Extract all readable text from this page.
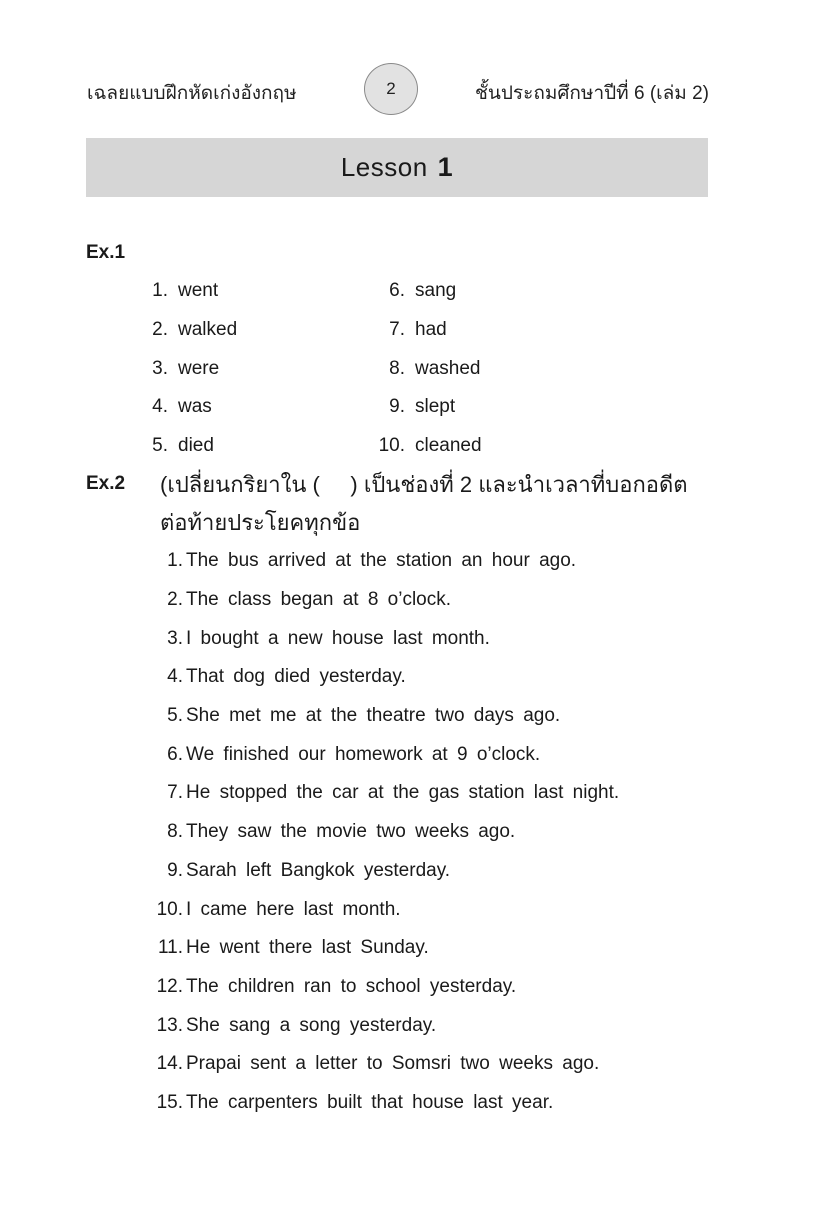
เฉลยแบบฝึกหัดเก่งอังกฤษ	2	ชั้นประถมศึกษาปีที่ 6 (เล่ม 2)
Lesson 1
Ex.1
1. went
2. walked
3. were
4. was
5. died
6. sang
7. had
8. washed
9. slept
10. cleaned
Ex.2 (เปลี่ยนกริยาใน (     ) เป็นช่องที่ 2 และนำเวลาที่บอกอดีต
ต่อท้ายประโยคทุกข้อ
1. The bus arrived at the station an hour ago.
2. The class began at 8 o’clock.
3. I bought a new house last month.
4. That dog died yesterday.
5. She met me at the theatre two days ago.
6. We finished our homework at 9 o’clock.
7. He stopped the car at the gas station last night.
8. They saw the movie two weeks ago.
9. Sarah left Bangkok yesterday.
10. I came here last month.
11. He went there last Sunday.
12. The children ran to school yesterday.
13. She sang a song yesterday.
14. Prapai sent a letter to Somsri two weeks ago.
15. The carpenters built that house last year.
